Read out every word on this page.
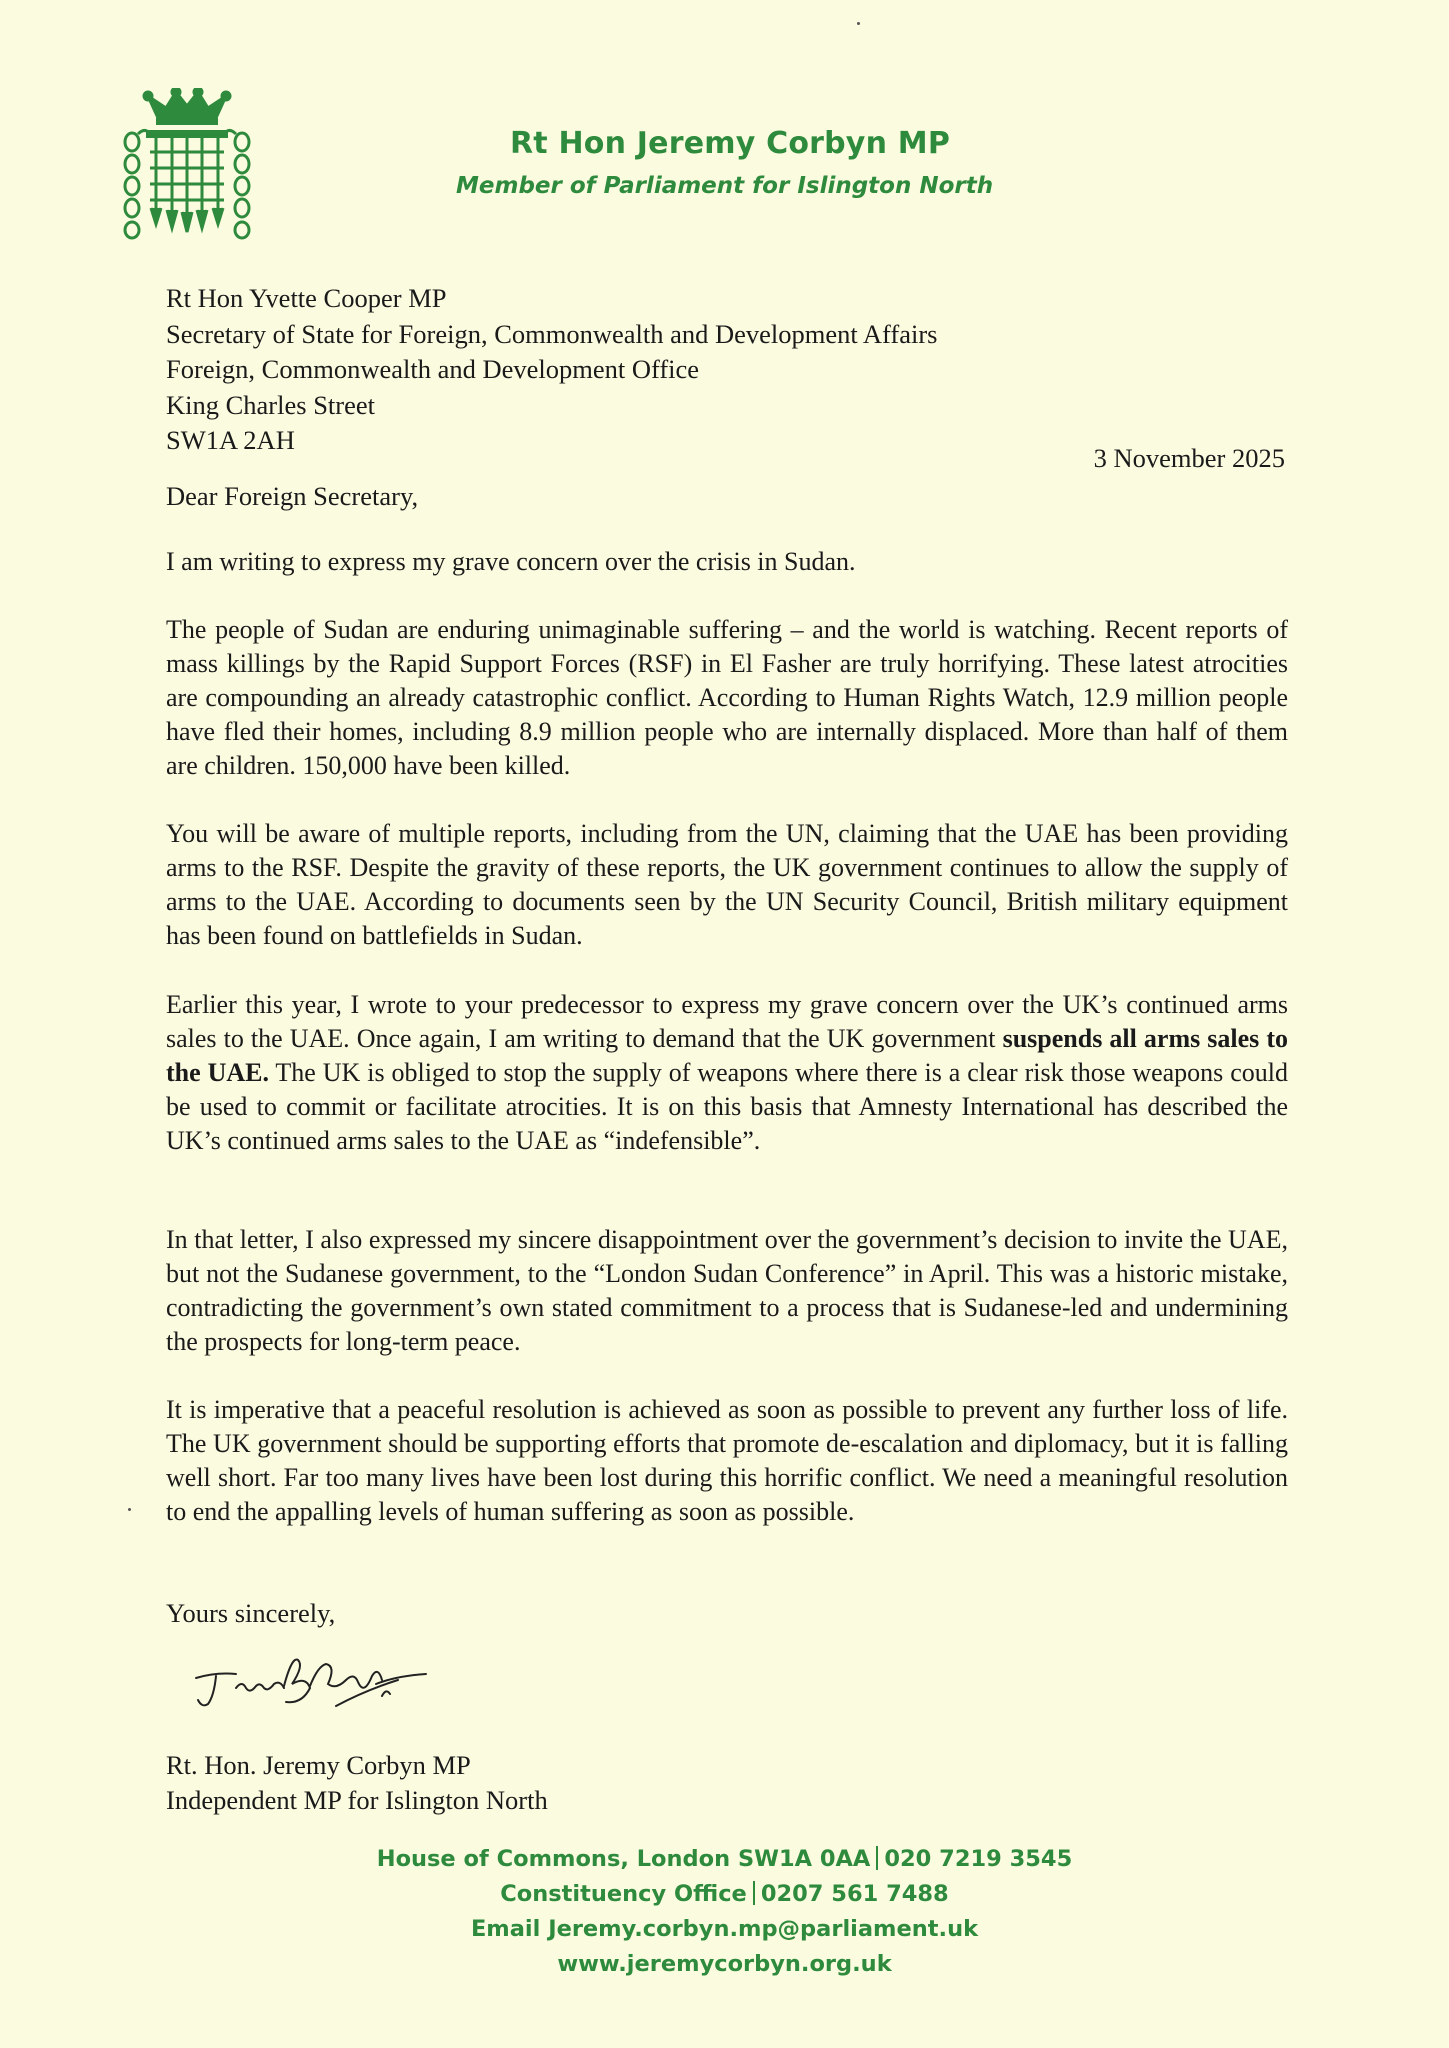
Rt Hon Jeremy Corbyn MP
Member of Parliament for Islington North
Rt Hon Yvette Cooper MP
Secretary of State for Foreign, Commonwealth and Development Affairs
Foreign, Commonwealth and Development Office
King Charles Street
SW1A 2AH
3 November 2025
Dear Foreign Secretary,
I am writing to express my grave concern over the crisis in Sudan.
The people of Sudan are enduring unimaginable suffering – and the world is watching. Recent reports of mass killings by the Rapid Support Forces (RSF) in El Fasher are truly horrifying. These latest atrocities are compounding an already catastrophic conflict. According to Human Rights Watch, 12.9 million people have fled their homes, including 8.9 million people who are internally displaced. More than half of them are children. 150,000 have been killed.
You will be aware of multiple reports, including from the UN, claiming that the UAE has been providing arms to the RSF. Despite the gravity of these reports, the UK government continues to allow the supply of arms to the UAE. According to documents seen by the UN Security Council, British military equipment has been found on battlefields in Sudan.
Earlier this year, I wrote to your predecessor to express my grave concern over the UK’s continued arms sales to the UAE. Once again, I am writing to demand that the UK government suspends all arms sales to the UAE. The UK is obliged to stop the supply of weapons where there is a clear risk those weapons could be used to commit or facilitate atrocities. It is on this basis that Amnesty International has described the UK’s continued arms sales to the UAE as “indefensible”.
In that letter, I also expressed my sincere disappointment over the government’s decision to invite the UAE, but not the Sudanese government, to the “London Sudan Conference” in April. This was a historic mistake, contradicting the government’s own stated commitment to a process that is Sudanese-led and undermining the prospects for long-term peace.
It is imperative that a peaceful resolution is achieved as soon as possible to prevent any further loss of life. The UK government should be supporting efforts that promote de-escalation and diplomacy, but it is falling well short. Far too many lives have been lost during this horrific conflict. We need a meaningful resolution to end the appalling levels of human suffering as soon as possible.
Yours sincerely,
Rt. Hon. Jeremy Corbyn MP
Independent MP for Islington North
House of Commons, London SW1A 0AA 020 7219 3545
Constituency Office 0207 561 7488
Email Jeremy.corbyn.mp@parliament.uk
www.jeremycorbyn.org.uk
